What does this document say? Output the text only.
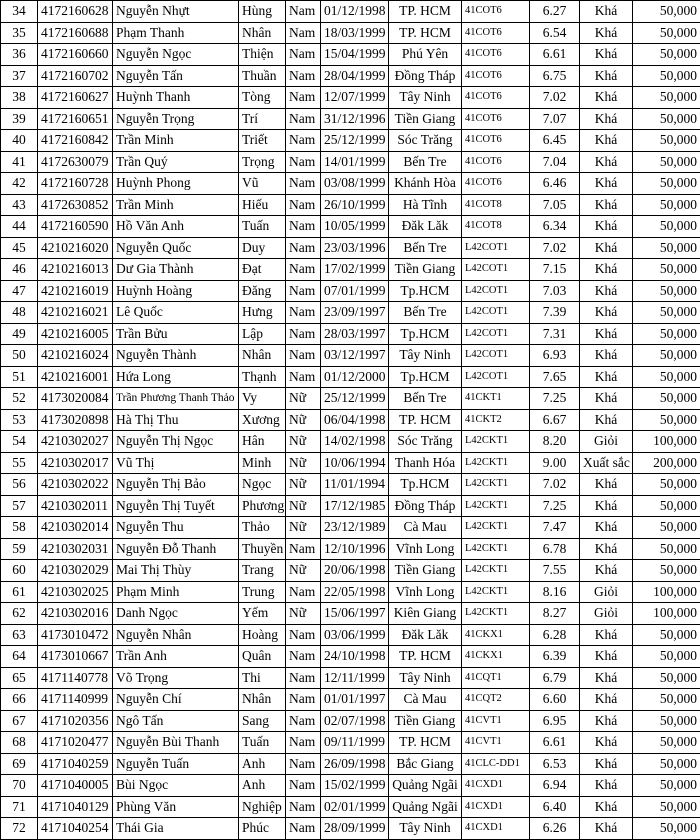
34	4172160628	Nguyễn Nhựt	Hùng	Nam	01/12/1998	TP. HCM	41COT6	6.27	Khá	50,000
35	4172160688	Phạm Thanh	Nhân	Nam	18/03/1999	TP. HCM	41COT6	6.54	Khá	50,000
36	4172160660	Nguyễn Ngọc	Thiện	Nam	15/04/1999	Phú Yên	41COT6	6.61	Khá	50,000
37	4172160702	Nguyễn Tấn	Thuần	Nam	28/04/1999	Đồng Tháp	41COT6	6.75	Khá	50,000
38	4172160627	Huỳnh Thanh	Tòng	Nam	12/07/1999	Tây Ninh	41COT6	7.02	Khá	50,000
39	4172160651	Nguyễn Trọng	Trí	Nam	31/12/1996	Tiền Giang	41COT6	7.07	Khá	50,000
40	4172160842	Trần Minh	Triết	Nam	25/12/1999	Sóc Trăng	41COT6	6.45	Khá	50,000
41	4172630079	Trần Quý	Trọng	Nam	14/01/1999	Bến Tre	41COT6	7.04	Khá	50,000
42	4172160728	Huỳnh Phong	Vũ	Nam	03/08/1999	Khánh Hòa	41COT6	6.46	Khá	50,000
43	4172630852	Trần Minh	Hiếu	Nam	26/10/1999	Hà Tĩnh	41COT8	7.05	Khá	50,000
44	4172160590	Hồ Văn Anh	Tuấn	Nam	10/05/1999	Đăk Lăk	41COT8	6.34	Khá	50,000
45	4210216020	Nguyễn Quốc	Duy	Nam	23/03/1996	Bến Tre	L42COT1	7.02	Khá	50,000
46	4210216013	Dư Gia Thành	Đạt	Nam	17/02/1999	Tiền Giang	L42COT1	7.15	Khá	50,000
47	4210216019	Huỳnh Hoàng	Đăng	Nam	07/01/1999	Tp.HCM	L42COT1	7.03	Khá	50,000
48	4210216021	Lê Quốc	Hưng	Nam	23/09/1997	Bến Tre	L42COT1	7.39	Khá	50,000
49	4210216005	Trần Bửu	Lập	Nam	28/03/1997	Tp.HCM	L42COT1	7.31	Khá	50,000
50	4210216024	Nguyễn Thành	Nhân	Nam	03/12/1997	Tây Ninh	L42COT1	6.93	Khá	50,000
51	4210216001	Hứa Long	Thạnh	Nam	01/12/2000	Tp.HCM	L42COT1	7.65	Khá	50,000
52	4173020084	Trần Phương Thanh Thảo	Vy	Nữ	25/12/1999	Bến Tre	41CKT1	7.25	Khá	50,000
53	4173020898	Hà Thị Thu	Xương	Nữ	06/04/1998	TP. HCM	41CKT2	6.67	Khá	50,000
54	4210302027	Nguyễn Thị Ngọc	Hân	Nữ	14/02/1998	Sóc Trăng	L42CKT1	8.20	Giỏi	100,000
55	4210302017	Vũ Thị	Minh	Nữ	10/06/1994	Thanh Hóa	L42CKT1	9.00	Xuất sắc	200,000
56	4210302022	Nguyễn Thị Bảo	Ngọc	Nữ	11/01/1994	Tp.HCM	L42CKT1	7.02	Khá	50,000
57	4210302011	Nguyễn Thị Tuyết	Phương	Nữ	17/12/1985	Đồng Tháp	L42CKT1	7.25	Khá	50,000
58	4210302014	Nguyễn Thu	Thảo	Nữ	23/12/1989	Cà Mau	L42CKT1	7.47	Khá	50,000
59	4210302031	Nguyễn Đỗ Thanh	Thuyền	Nam	12/10/1996	Vĩnh Long	L42CKT1	6.78	Khá	50,000
60	4210302029	Mai Thị Thùy	Trang	Nữ	20/06/1998	Tiền Giang	L42CKT1	7.55	Khá	50,000
61	4210302025	Phạm Minh	Trung	Nam	22/05/1998	Vĩnh Long	L42CKT1	8.16	Giỏi	100,000
62	4210302016	Danh Ngọc	Yếm	Nữ	15/06/1997	Kiên Giang	L42CKT1	8.27	Giỏi	100,000
63	4173010472	Nguyễn Nhân	Hoàng	Nam	03/06/1999	Đăk Lăk	41CKX1	6.28	Khá	50,000
64	4173010667	Trần Anh	Quân	Nam	24/10/1998	TP. HCM	41CKX1	6.39	Khá	50,000
65	4171140778	Võ Trọng	Thi	Nam	12/11/1999	Tây Ninh	41CQT1	6.79	Khá	50,000
66	4171140999	Nguyễn Chí	Nhân	Nam	01/01/1997	Cà Mau	41CQT2	6.60	Khá	50,000
67	4171020356	Ngô Tấn	Sang	Nam	02/07/1998	Tiền Giang	41CVT1	6.95	Khá	50,000
68	4171020477	Nguyễn Bùi Thanh	Tuấn	Nam	09/11/1999	TP. HCM	41CVT1	6.61	Khá	50,000
69	4171040259	Nguyễn Tuấn	Anh	Nam	26/09/1998	Bắc Giang	41CLC-DD1	6.53	Khá	50,000
70	4171040005	Bùi Ngọc	Anh	Nam	15/02/1999	Quảng Ngãi	41CXD1	6.94	Khá	50,000
71	4171040129	Phùng Văn	Nghiệp	Nam	02/01/1999	Quảng Ngãi	41CXD1	6.40	Khá	50,000
72	4171040254	Thái Gia	Phúc	Nam	28/09/1999	Tây Ninh	41CXD1	6.26	Khá	50,000
